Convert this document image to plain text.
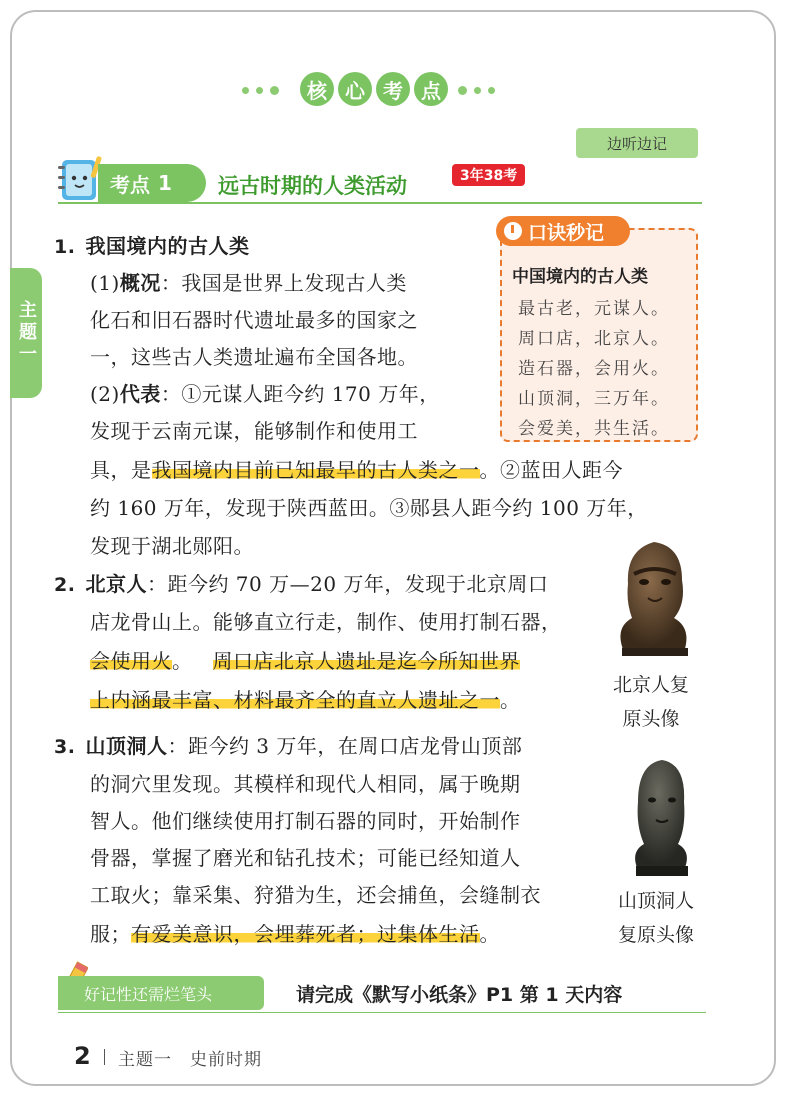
核 心 考 点
边听边记
考点 1 远古时期的人类活动	3年38考
主题一
口诀秒记
中国境内的古人类
最古老，元谋人。
周口店，北京人。
造石器，会用火。
山顶洞，三万年。
会爱美，共生活。
1. 我国境内的古人类
(1)概况：我国是世界上发现古人类
化石和旧石器时代遗址最多的国家之
一，这些古人类遗址遍布全国各地。
(2)代表：①元谋人距今约 170 万年，
发现于云南元谋，能够制作和使用工
具，是我国境内目前已知最早的古人类之一。②蓝田人距今
约 160 万年，发现于陕西蓝田。③郧县人距今约 100 万年，
发现于湖北郧阳。
2. 北京人：距今约 70 万—20 万年，发现于北京周口
店龙骨山上。能够直立行走，制作、使用打制石器，
会使用火。 周口店北京人遗址是迄今所知世界
上内涵最丰富、材料最齐全的直立人遗址之一。
北京人复
原头像
3. 山顶洞人：距今约 3 万年，在周口店龙骨山顶部
的洞穴里发现。其模样和现代人相同，属于晚期
智人。他们继续使用打制石器的同时，开始制作
骨器，掌握了磨光和钻孔技术；可能已经知道人
工取火；靠采集、狩猎为生，还会捕鱼，会缝制衣
服；有爱美意识，会埋葬死者；过集体生活。
山顶洞人
复原头像
好记性还需烂笔头	请完成《默写小纸条》P1 第 1 天内容
2 主题一　史前时期
